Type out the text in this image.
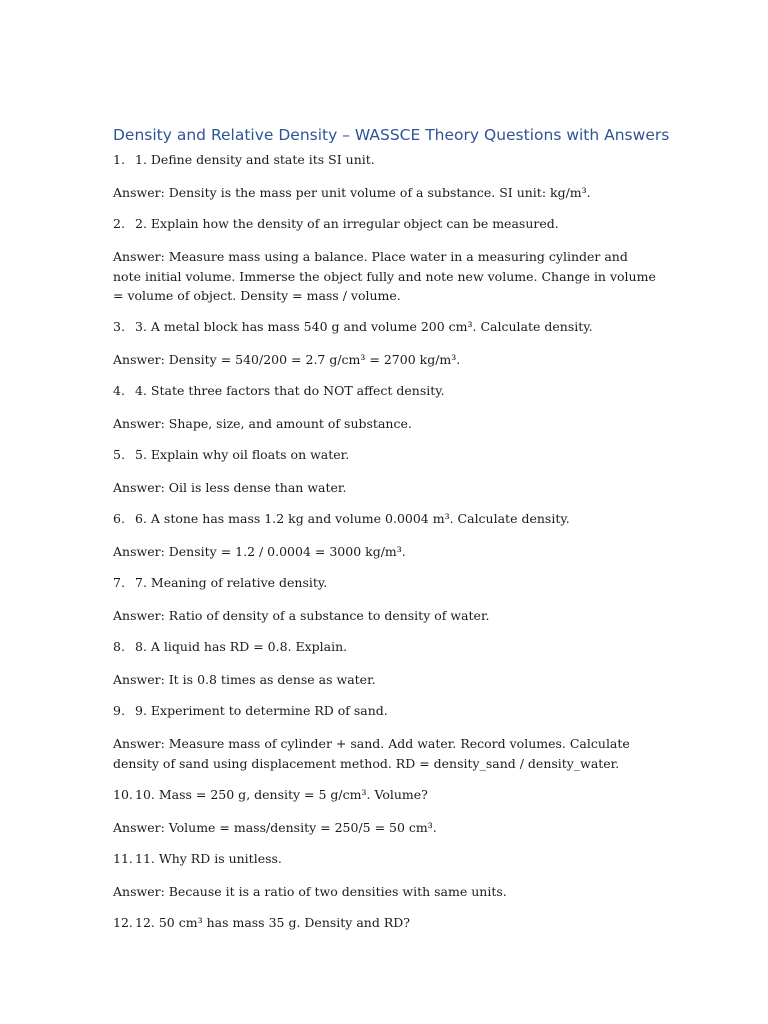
Density and Relative Density – WASSCE Theory Questions with Answers

1. 1. Define density and state its SI unit.

Answer: Density is the mass per unit volume of a substance. SI unit: kg/m³.

2. 2. Explain how the density of an irregular object can be measured.

Answer: Measure mass using a balance. Place water in a measuring cylinder and note initial volume. Immerse the object fully and note new volume. Change in volume = volume of object. Density = mass / volume.

3. 3. A metal block has mass 540 g and volume 200 cm³. Calculate density.

Answer: Density = 540/200 = 2.7 g/cm³ = 2700 kg/m³.

4. 4. State three factors that do NOT affect density.

Answer: Shape, size, and amount of substance.

5. 5. Explain why oil floats on water.

Answer: Oil is less dense than water.

6. 6. A stone has mass 1.2 kg and volume 0.0004 m³. Calculate density.

Answer: Density = 1.2 / 0.0004 = 3000 kg/m³.

7. 7. Meaning of relative density.

Answer: Ratio of density of a substance to density of water.

8. 8. A liquid has RD = 0.8. Explain.

Answer: It is 0.8 times as dense as water.

9. 9. Experiment to determine RD of sand.

Answer: Measure mass of cylinder + sand. Add water. Record volumes. Calculate density of sand using displacement method. RD = density_sand / density_water.

10. 10. Mass = 250 g, density = 5 g/cm³. Volume?

Answer: Volume = mass/density = 250/5 = 50 cm³.

11. 11. Why RD is unitless.

Answer: Because it is a ratio of two densities with same units.

12. 12. 50 cm³ has mass 35 g. Density and RD?
